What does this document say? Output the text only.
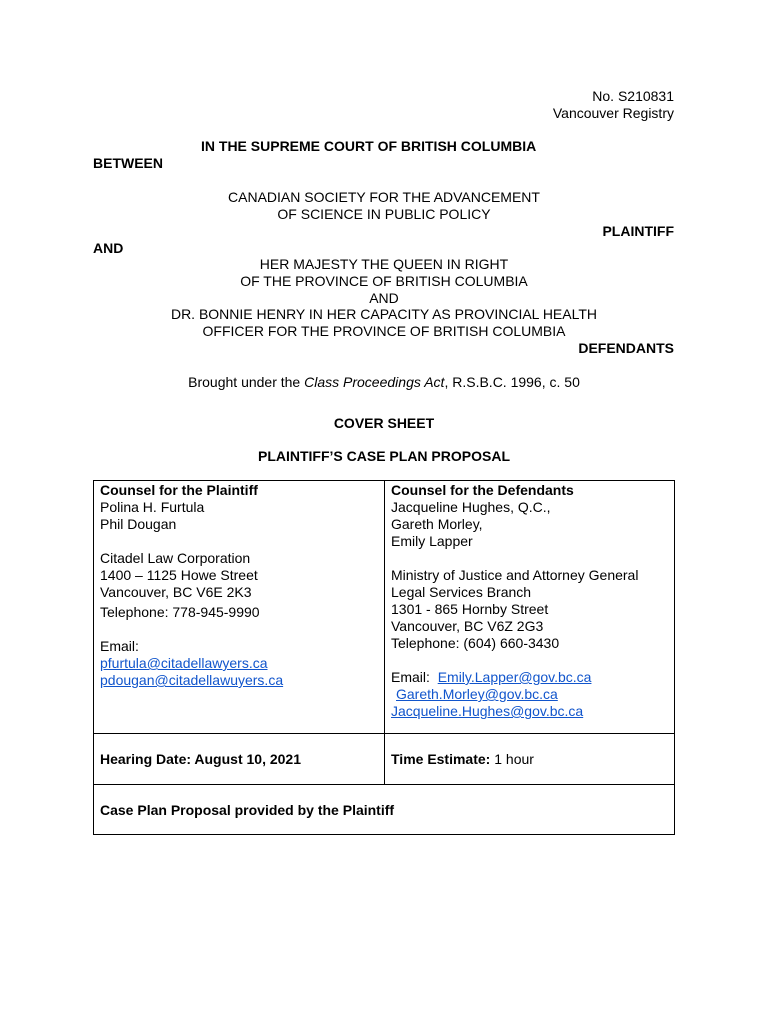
No. S210831
Vancouver Registry
IN THE SUPREME COURT OF BRITISH COLUMBIA
BETWEEN
CANADIAN SOCIETY FOR THE ADVANCEMENT
OF SCIENCE IN PUBLIC POLICY
PLAINTIFF
AND
HER MAJESTY THE QUEEN IN RIGHT
OF THE PROVINCE OF BRITISH COLUMBIA
AND
DR. BONNIE HENRY IN HER CAPACITY AS PROVINCIAL HEALTH
OFFICER FOR THE PROVINCE OF BRITISH COLUMBIA
DEFENDANTS
Brought under the Class Proceedings Act, R.S.B.C. 1996, c. 50
COVER SHEET
PLAINTIFF’S CASE PLAN PROPOSAL
Counsel for the Plaintiff
Polina H. Furtula
Phil Dougan
Citadel Law Corporation
1400 – 1125 Howe Street
Vancouver, BC V6E 2K3
Telephone: 778-945-9990
Email:
pfurtula@citadellawyers.ca
pdougan@citadellawuyers.ca
Counsel for the Defendants
Jacqueline Hughes, Q.C.,
Gareth Morley,
Emily Lapper
Ministry of Justice and Attorney General
Legal Services Branch
1301 - 865 Hornby Street
Vancouver, BC V6Z 2G3
Telephone: (604) 660-3430
Email: Emily.Lapper@gov.bc.ca
Gareth.Morley@gov.bc.ca
Jacqueline.Hughes@gov.bc.ca
Hearing Date: August 10, 2021	Time Estimate: 1 hour
Case Plan Proposal provided by the Plaintiff
